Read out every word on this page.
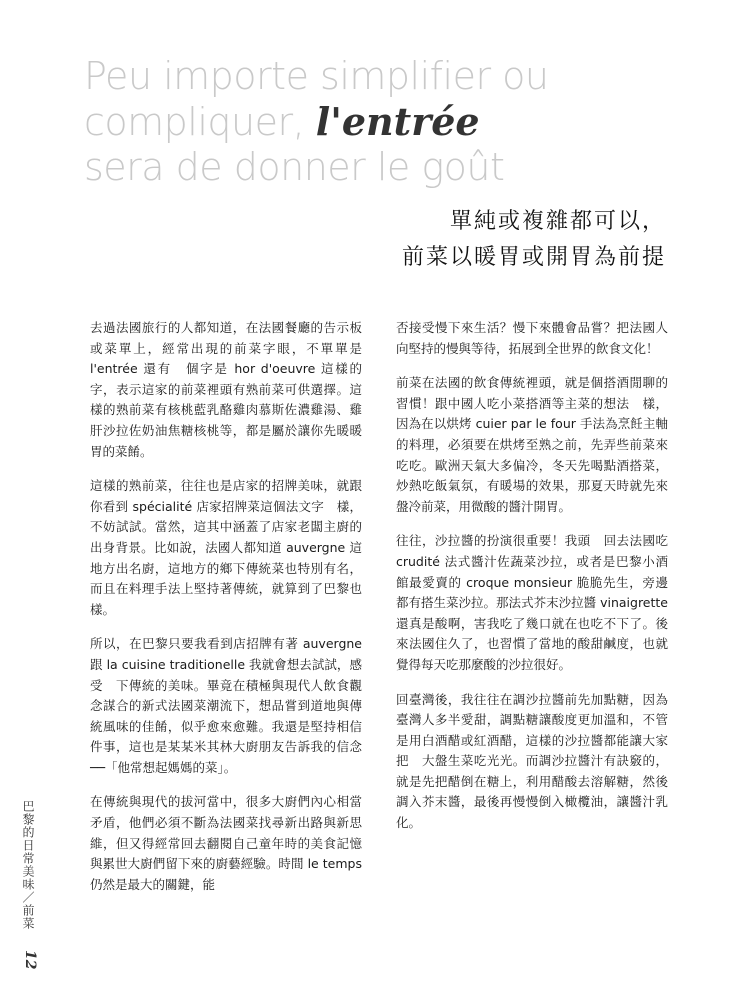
Peu importe simplifier ou
compliquer, l'entrée
sera de donner le goût
單純或複雜都可以，
前菜以暖胃或開胃為前提

去過法國旅行的人都知道，在法國餐廳的告示板或菜單上，經常出現的前菜字眼，不單單是 l'entrée 還有　個字是 hor d'oeuvre 這樣的字，表示這家的前菜裡頭有熟前菜可供選擇。這樣的熟前菜有核桃藍乳酪雞肉慕斯佐濃雞湯、雞肝沙拉佐奶油焦糖核桃等，都是屬於讓你先暖暖胃的菜餚。

這樣的熟前菜，往往也是店家的招牌美味，就跟你看到 spécialité 店家招牌菜這個法文字　樣，不妨試試。當然，這其中涵蓋了店家老闆主廚的出身背景。比如說，法國人都知道 auvergne 這地方出名廚，這地方的鄉下傳統菜也特別有名，而且在料理手法上堅持著傳統，就算到了巴黎也　樣。

所以，在巴黎只要我看到店招牌有著 auvergne 跟 la cuisine traditionelle 我就會想去試試，感受　下傳統的美味。畢竟在積極與現代人飲食觀念謀合的新式法國菜潮流下，想品嘗到道地與傳統風味的佳餚，似乎愈來愈難。我還是堅持相信　件事，這也是某某米其林大廚朋友告訴我的信念──「他常想起媽媽的菜」。

在傳統與現代的拔河當中，很多大廚們內心相當矛盾，他們必須不斷為法國菜找尋新出路與新思維，但又得經常回去翻閱自己童年時的美食記憶與累世大廚們留下來的廚藝經驗。時間 le temps 仍然是最大的關鍵，能

否接受慢下來生活？慢下來體會品嘗？把法國人　向堅持的慢與等待，拓展到全世界的飲食文化！

前菜在法國的飲食傳統裡頭，就是個搭酒閒聊的習慣！跟中國人吃小菜搭酒等主菜的想法　樣，因為在以烘烤 cuier par le four 手法為烹飪主軸的料理，必須要在烘烤至熟之前，先弄些前菜來吃吃。歐洲天氣大多偏冷，冬天先喝點酒搭菜，炒熱吃飯氣氛，有暖場的效果，那夏天時就先來盤冷前菜，用微酸的醬汁開胃。

往往，沙拉醬的扮演很重要！我頭　回去法國吃 crudité 法式醬汁佐蔬菜沙拉，或者是巴黎小酒館最愛賣的 croque monsieur 脆脆先生，旁邊都有搭生菜沙拉。那法式芥末沙拉醬 vinaigrette 還真是酸啊，害我吃了幾口就在也吃不下了。後來法國住久了，也習慣了當地的酸甜鹹度，也就覺得每天吃那麼酸的沙拉很好。

回臺灣後，我往往在調沙拉醬前先加點糖，因為臺灣人多半愛甜，調點糖讓酸度更加溫和，不管是用白酒醋或紅酒醋，這樣的沙拉醬都能讓大家把　大盤生菜吃光光。而調沙拉醬汁有訣竅的，就是先把醋倒在糖上，利用醋酸去溶解糖，然後調入芥末醬，最後再慢慢倒入橄欖油，讓醬汁乳化。

巴黎的日常美味／前菜
12
